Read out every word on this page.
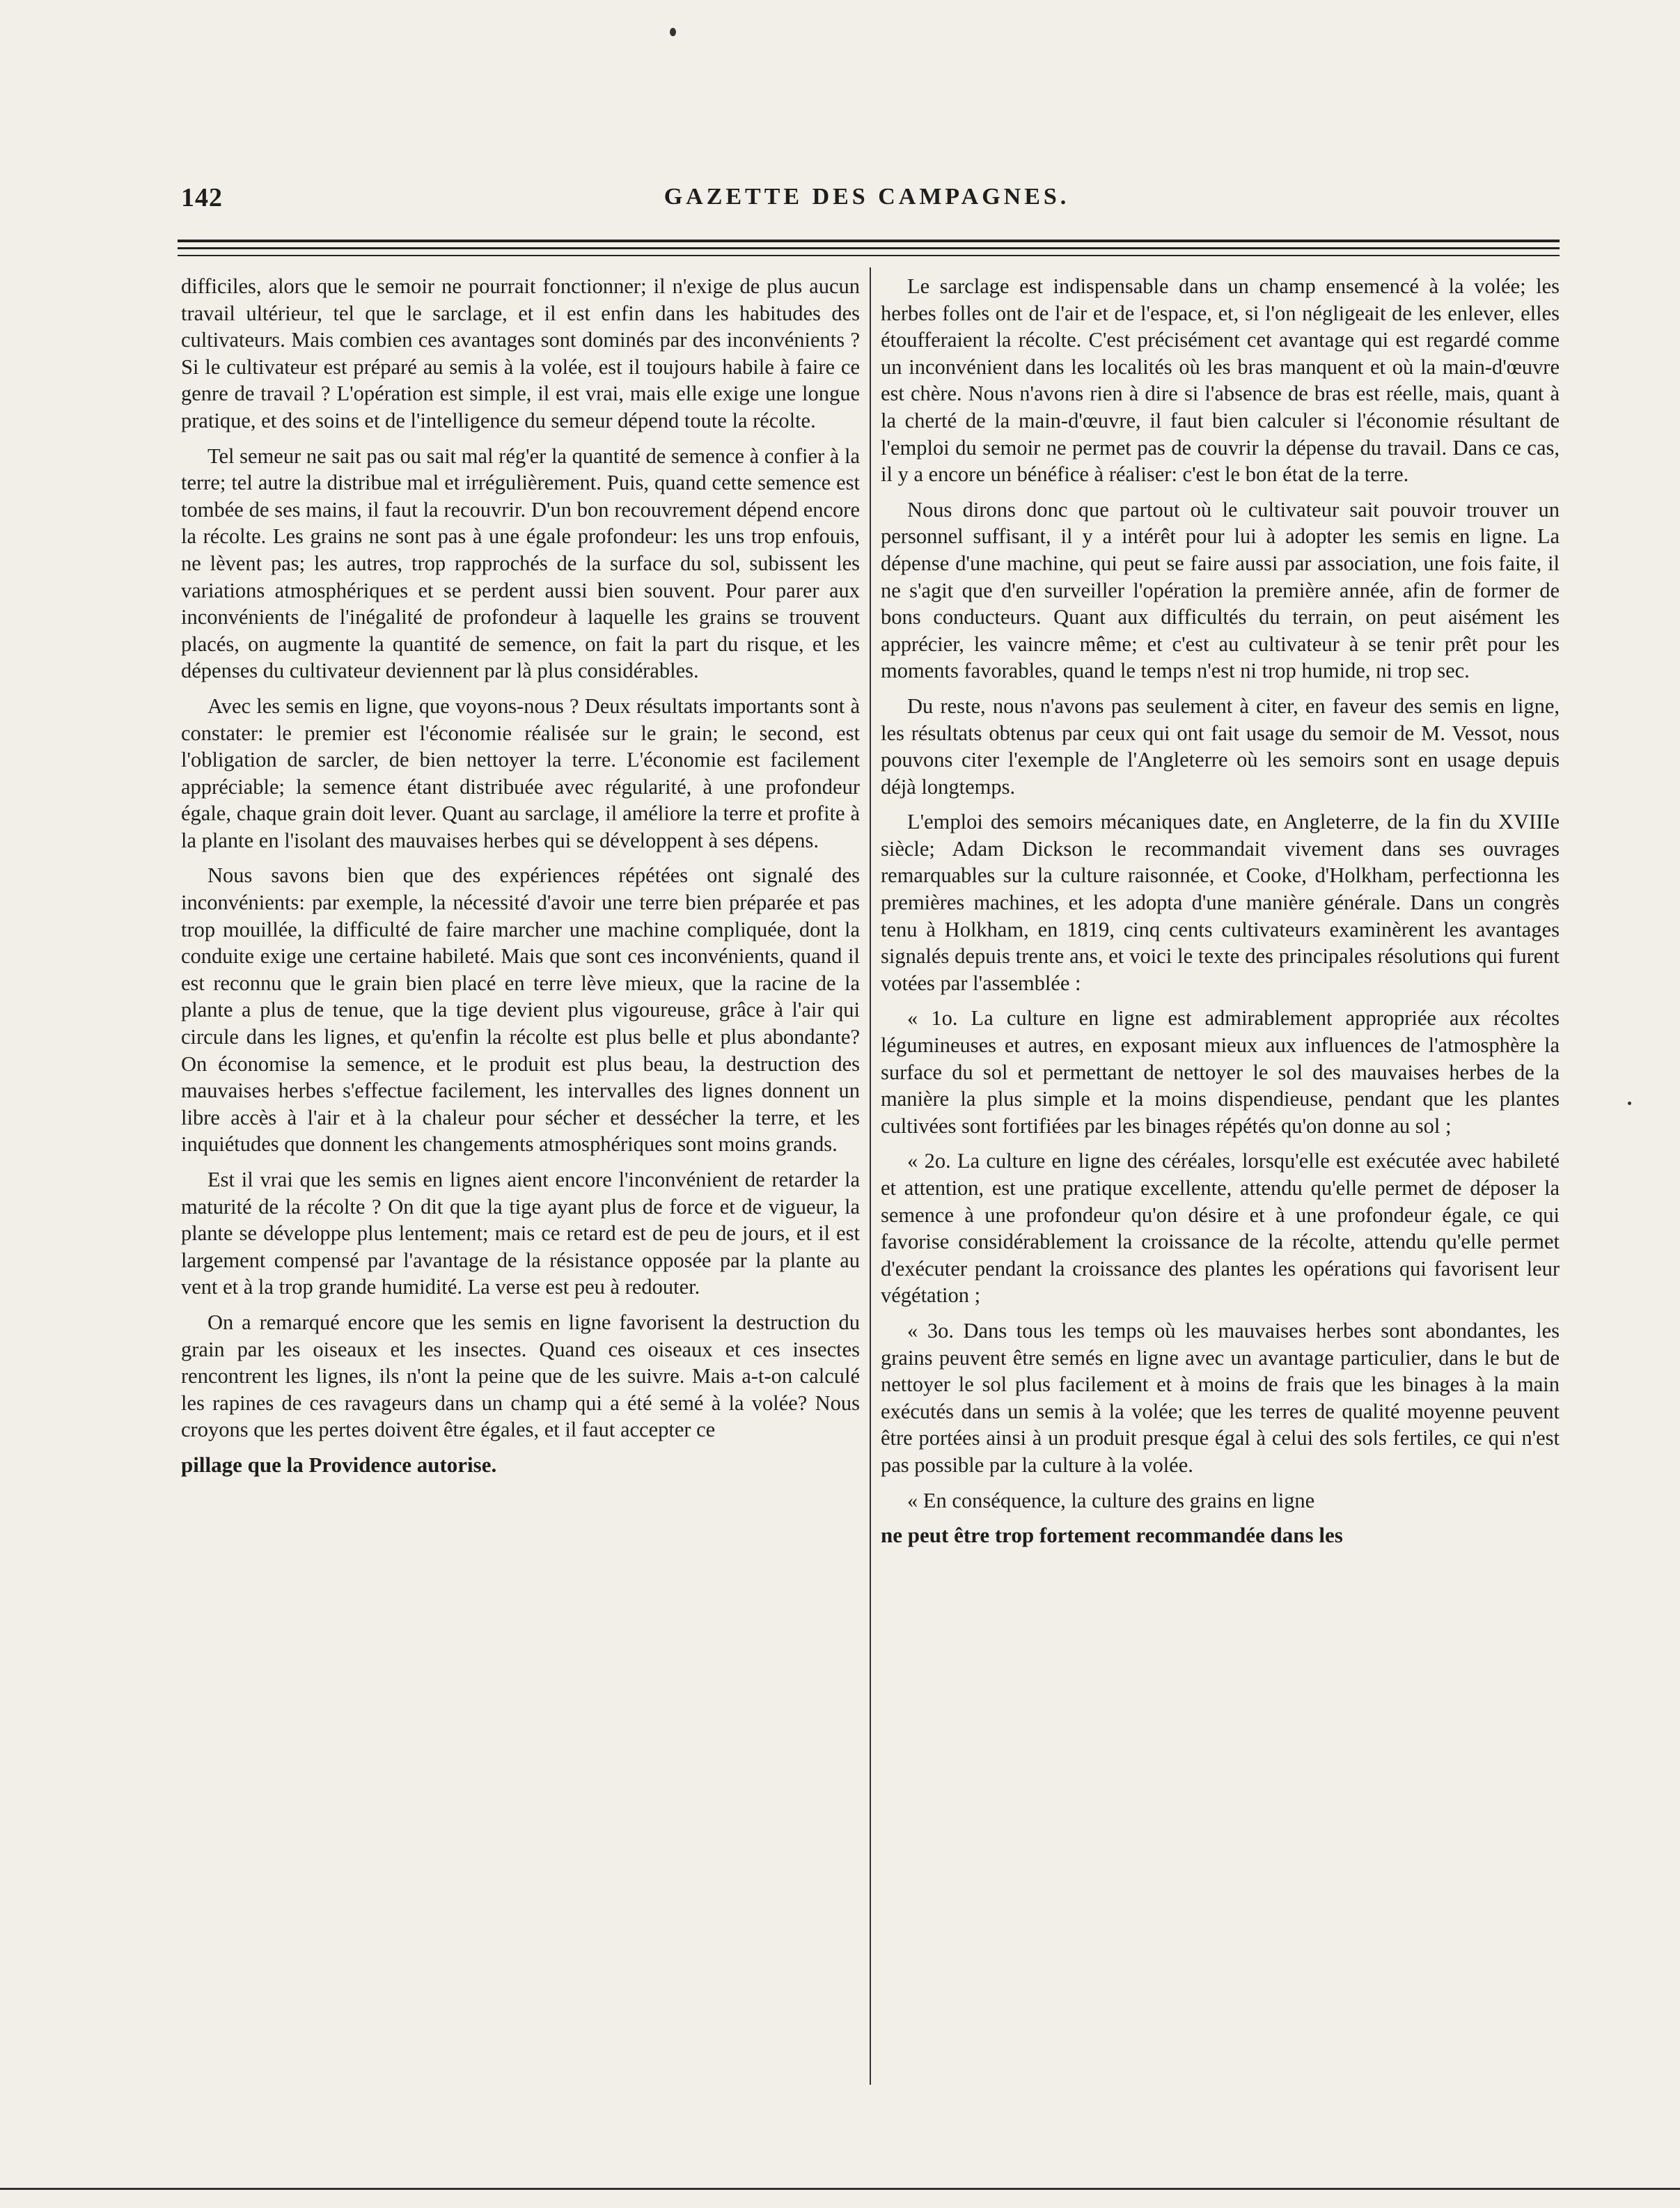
142	GAZETTE DES CAMPAGNES.

difficiles, alors que le semoir ne pourrait fonctionner; il n'exige de plus aucun travail ultérieur, tel que le sarclage, et il est enfin dans les habitudes des cultivateurs. Mais combien ces avantages sont dominés par des inconvénients ? Si le cultivateur est préparé au semis à la volée, est il toujours habile à faire ce genre de travail ? L'opération est simple, il est vrai, mais elle exige une longue pratique, et des soins et de l'intelligence du semeur dépend toute la récolte.

Tel semeur ne sait pas ou sait mal rég'er la quantité de semence à confier à la terre; tel autre la distribue mal et irrégulièrement. Puis, quand cette semence est tombée de ses mains, il faut la recouvrir. D'un bon recouvrement dépend encore la récolte. Les grains ne sont pas à une égale profondeur: les uns trop enfouis, ne lèvent pas; les autres, trop rapprochés de la surface du sol, subissent les variations atmosphériques et se perdent aussi bien souvent. Pour parer aux inconvénients de l'inégalité de profondeur à laquelle les grains se trouvent placés, on augmente la quantité de semence, on fait la part du risque, et les dépenses du cultivateur deviennent par là plus considérables.

Avec les semis en ligne, que voyons-nous ? Deux résultats importants sont à constater: le premier est l'économie réalisée sur le grain; le second, est l'obligation de sarcler, de bien nettoyer la terre. L'économie est facilement appréciable; la semence étant distribuée avec régularité, à une profondeur égale, chaque grain doit lever. Quant au sarclage, il améliore la terre et profite à la plante en l'isolant des mauvaises herbes qui se développent à ses dépens.

Nous savons bien que des expériences répétées ont signalé des inconvénients: par exemple, la nécessité d'avoir une terre bien préparée et pas trop mouillée, la difficulté de faire marcher une machine compliquée, dont la conduite exige une certaine habileté. Mais que sont ces inconvénients, quand il est reconnu que le grain bien placé en terre lève mieux, que la racine de la plante a plus de tenue, que la tige devient plus vigoureuse, grâce à l'air qui circule dans les lignes, et qu'enfin la récolte est plus belle et plus abondante? On économise la semence, et le produit est plus beau, la destruction des mauvaises herbes s'effectue facilement, les intervalles des lignes donnent un libre accès à l'air et à la chaleur pour sécher et dessécher la terre, et les inquiétudes que donnent les changements atmosphériques sont moins grands.

Est il vrai que les semis en lignes aient encore l'inconvénient de retarder la maturité de la récolte ? On dit que la tige ayant plus de force et de vigueur, la plante se développe plus lentement; mais ce retard est de peu de jours, et il est largement compensé par l'avantage de la résistance opposée par la plante au vent et à la trop grande humidité. La verse est peu à redouter.

On a remarqué encore que les semis en ligne favorisent la destruction du grain par les oiseaux et les insectes. Quand ces oiseaux et ces insectes rencontrent les lignes, ils n'ont la peine que de les suivre. Mais a-t-on calculé les rapines de ces ravageurs dans un champ qui a été semé à la volée? Nous croyons que les pertes doivent être égales, et il faut accepter ce

pillage que la Providence autorise.

Le sarclage est indispensable dans un champ ensemencé à la volée; les herbes folles ont de l'air et de l'espace, et, si l'on négligeait de les enlever, elles étoufferaient la récolte. C'est précisément cet avantage qui est regardé comme un inconvénient dans les localités où les bras manquent et où la main-d'œuvre est chère. Nous n'avons rien à dire si l'absence de bras est réelle, mais, quant à la cherté de la main-d'œuvre, il faut bien calculer si l'économie résultant de l'emploi du semoir ne permet pas de couvrir la dépense du travail. Dans ce cas, il y a encore un bénéfice à réaliser: c'est le bon état de la terre.

Nous dirons donc que partout où le cultivateur sait pouvoir trouver un personnel suffisant, il y a intérêt pour lui à adopter les semis en ligne. La dépense d'une machine, qui peut se faire aussi par association, une fois faite, il ne s'agit que d'en surveiller l'opération la première année, afin de former de bons conducteurs. Quant aux difficultés du terrain, on peut aisément les apprécier, les vaincre même; et c'est au cultivateur à se tenir prêt pour les moments favorables, quand le temps n'est ni trop humide, ni trop sec.

Du reste, nous n'avons pas seulement à citer, en faveur des semis en ligne, les résultats obtenus par ceux qui ont fait usage du semoir de M. Vessot, nous pouvons citer l'exemple de l'Angleterre où les semoirs sont en usage depuis déjà longtemps.

L'emploi des semoirs mécaniques date, en Angleterre, de la fin du XVIIIe siècle; Adam Dickson le recommandait vivement dans ses ouvrages remarquables sur la culture raisonnée, et Cooke, d'Holkham, perfectionna les premières machines, et les adopta d'une manière générale. Dans un congrès tenu à Holkham, en 1819, cinq cents cultivateurs examinèrent les avantages signalés depuis trente ans, et voici le texte des principales résolutions qui furent votées par l'assemblée :

« 1o. La culture en ligne est admirablement appropriée aux récoltes légumineuses et autres, en exposant mieux aux influences de l'atmosphère la surface du sol et permettant de nettoyer le sol des mauvaises herbes de la manière la plus simple et la moins dispendieuse, pendant que les plantes cultivées sont fortifiées par les binages répétés qu'on donne au sol ;

« 2o. La culture en ligne des céréales, lorsqu'elle est exécutée avec habileté et attention, est une pratique excellente, attendu qu'elle permet de déposer la semence à une profondeur qu'on désire et à une profondeur égale, ce qui favorise considérablement la croissance de la récolte, attendu qu'elle permet d'exécuter pendant la croissance des plantes les opérations qui favorisent leur végétation ;

« 3o. Dans tous les temps où les mauvaises herbes sont abondantes, les grains peuvent être semés en ligne avec un avantage particulier, dans le but de nettoyer le sol plus facilement et à moins de frais que les binages à la main exécutés dans un semis à la volée; que les terres de qualité moyenne peuvent être portées ainsi à un produit presque égal à celui des sols fertiles, ce qui n'est pas possible par la culture à la volée.

« En conséquence, la culture des grains en ligne

ne peut être trop fortement recommandée dans les
